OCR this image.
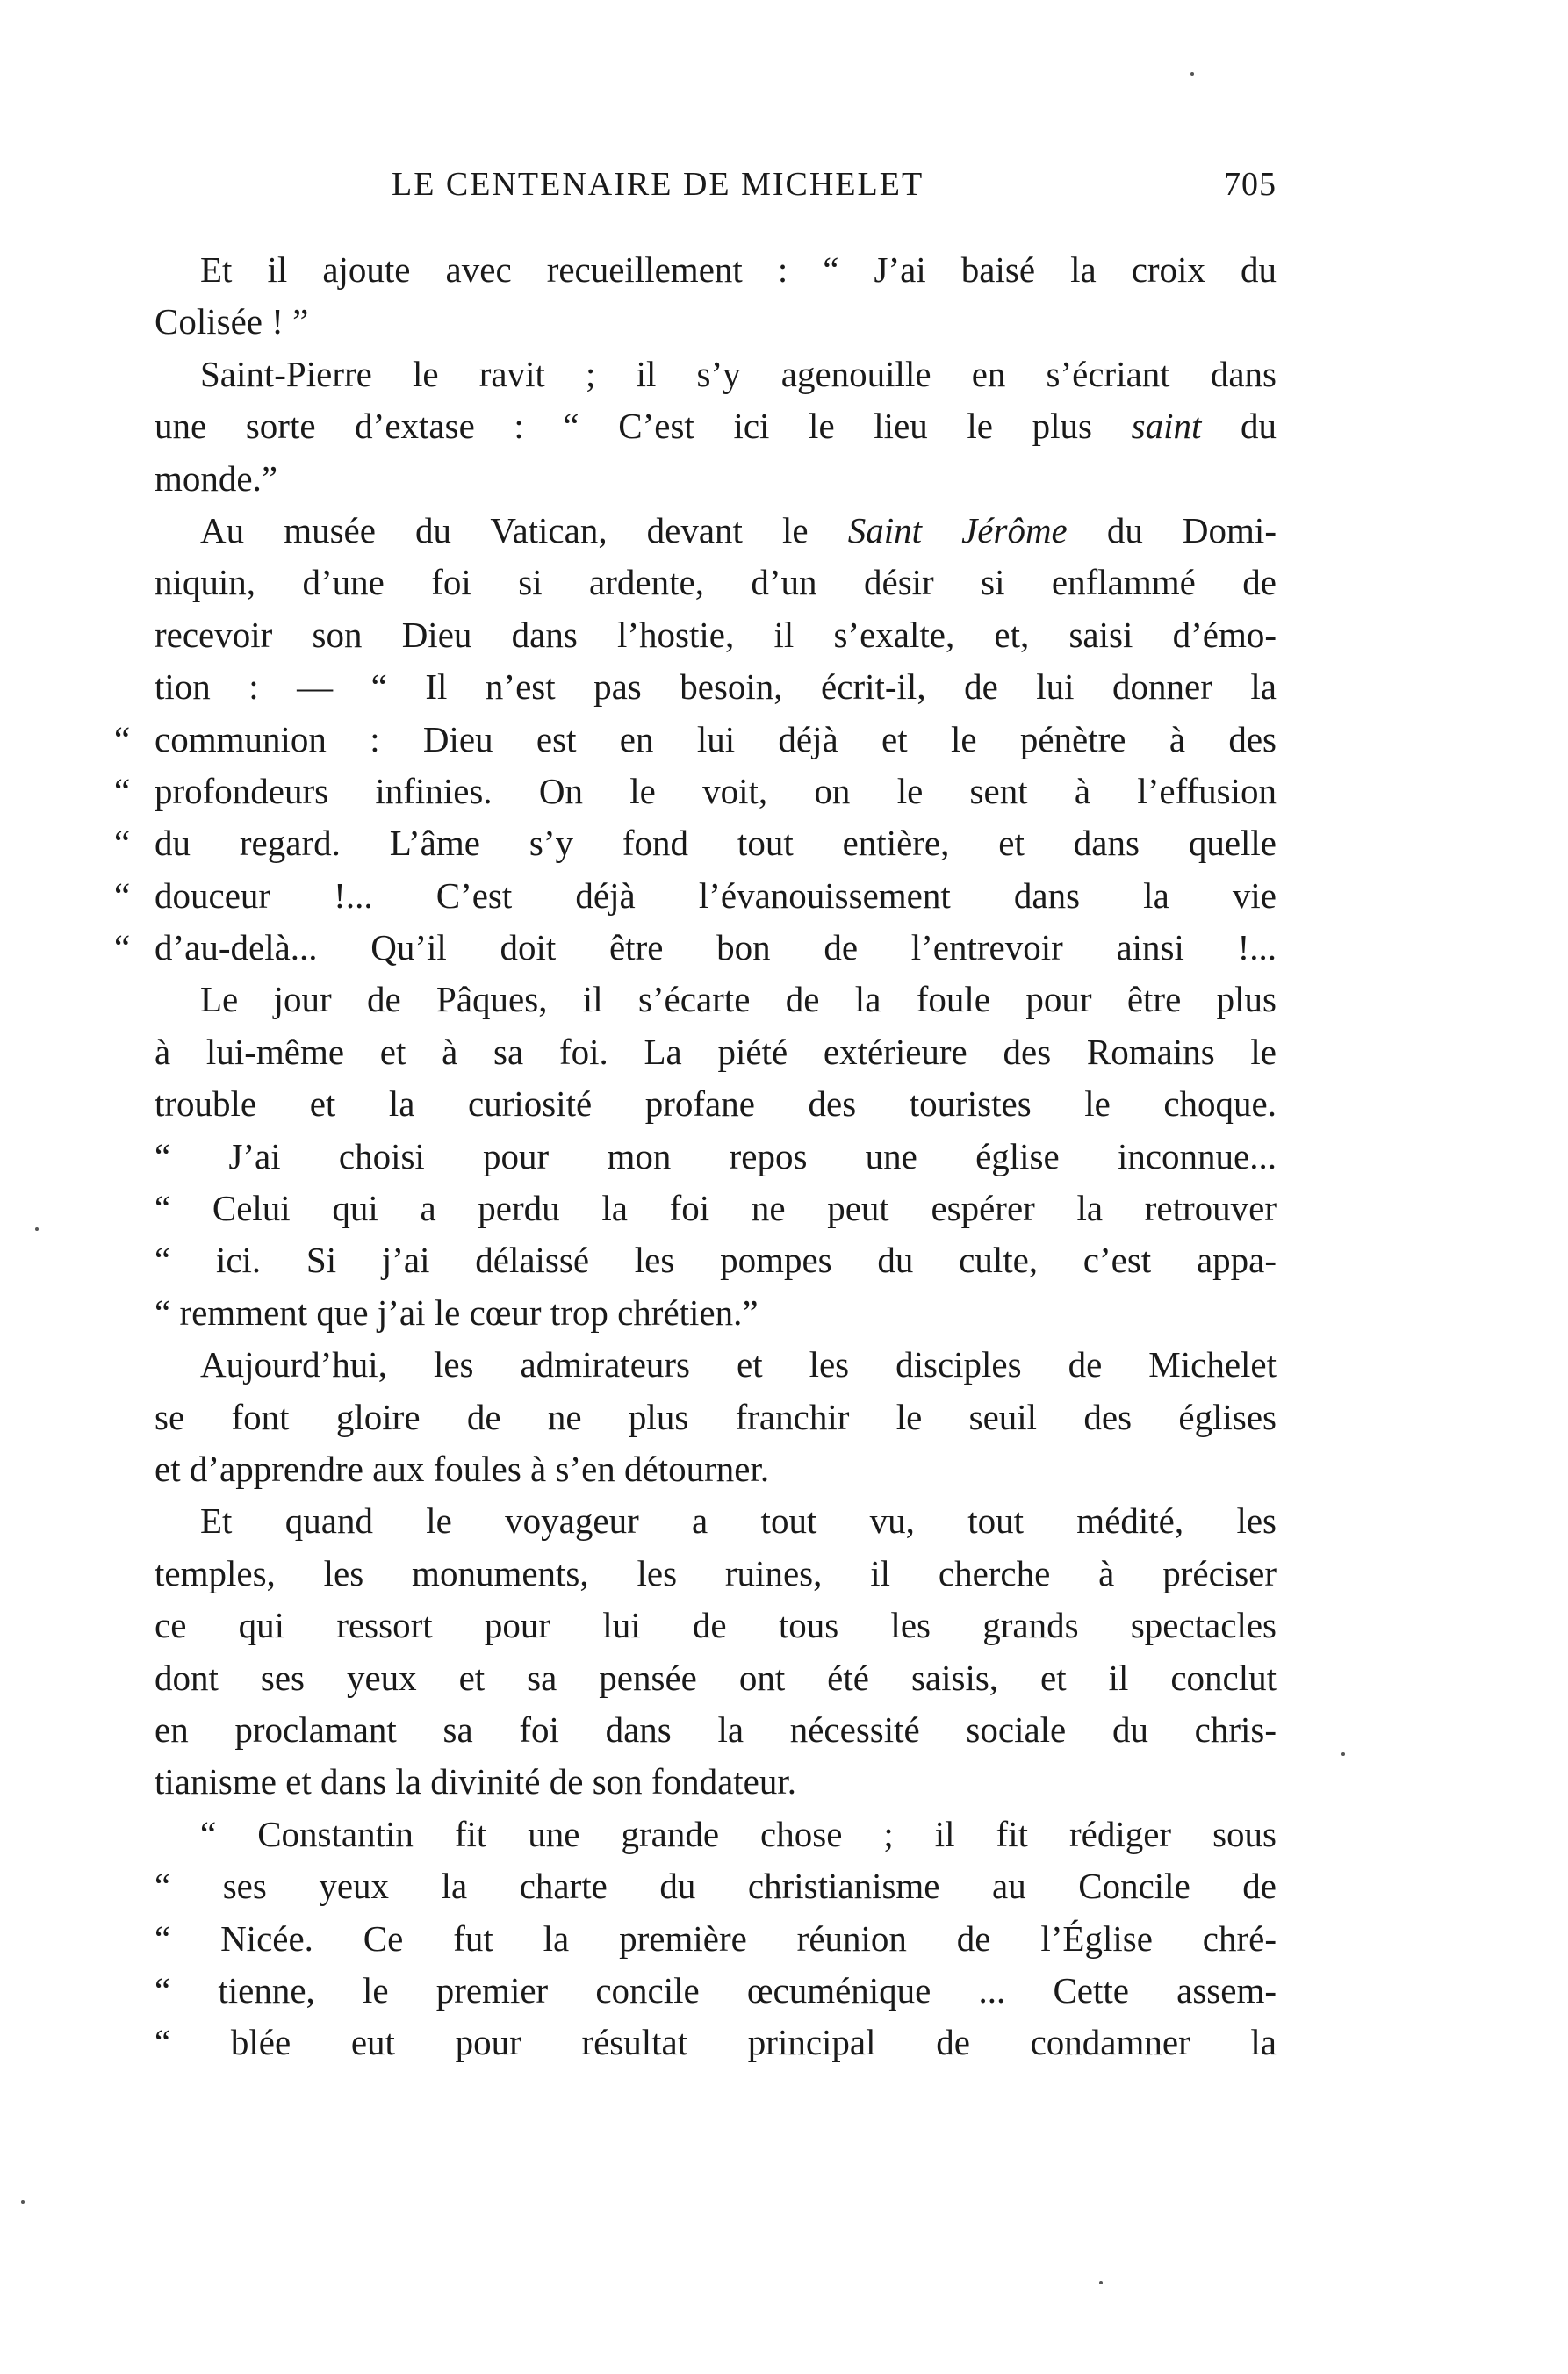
LE CENTENAIRE DE MICHELET	705
Et il ajoute avec recueillement : “ J’ai baisé la croix du
Colisée ! ”
Saint-Pierre le ravit ; il s’y agenouille en s’écriant dans
une sorte d’extase : “ C’est ici le lieu le plus saint du
monde.”
Au musée du Vatican, devant le Saint Jérôme du Domi-
niquin, d’une foi si ardente, d’un désir si enflammé de
recevoir son Dieu dans l’hostie, il s’exalte, et, saisi d’émo-
tion : — “ Il n’est pas besoin, écrit-il, de lui donner la
“ communion : Dieu est en lui déjà et le pénètre à des
“ profondeurs infinies. On le voit, on le sent à l’effusion
“ du regard. L’âme s’y fond tout entière, et dans quelle
“ douceur !... C’est déjà l’évanouissement dans la vie
“ d’au-delà... Qu’il doit être bon de l’entrevoir ainsi !...
Le jour de Pâques, il s’écarte de la foule pour être plus
à lui-même et à sa foi. La piété extérieure des Romains le
trouble et la curiosité profane des touristes le choque.
“ J’ai choisi pour mon repos une église inconnue...
“ Celui qui a perdu la foi ne peut espérer la retrouver
“ ici. Si j’ai délaissé les pompes du culte, c’est appa-
“ remment que j’ai le cœur trop chrétien.”
Aujourd’hui, les admirateurs et les disciples de Michelet
se font gloire de ne plus franchir le seuil des églises
et d’apprendre aux foules à s’en détourner.
Et quand le voyageur a tout vu, tout médité, les
temples, les monuments, les ruines, il cherche à préciser
ce qui ressort pour lui de tous les grands spectacles
dont ses yeux et sa pensée ont été saisis, et il conclut
en proclamant sa foi dans la nécessité sociale du chris-
tianisme et dans la divinité de son fondateur.
“ Constantin fit une grande chose ; il fit rédiger sous
“ ses yeux la charte du christianisme au Concile de
“ Nicée. Ce fut la première réunion de l’Église chré-
“ tienne, le premier concile œcuménique ... Cette assem-
“ blée eut pour résultat principal de condamner la
